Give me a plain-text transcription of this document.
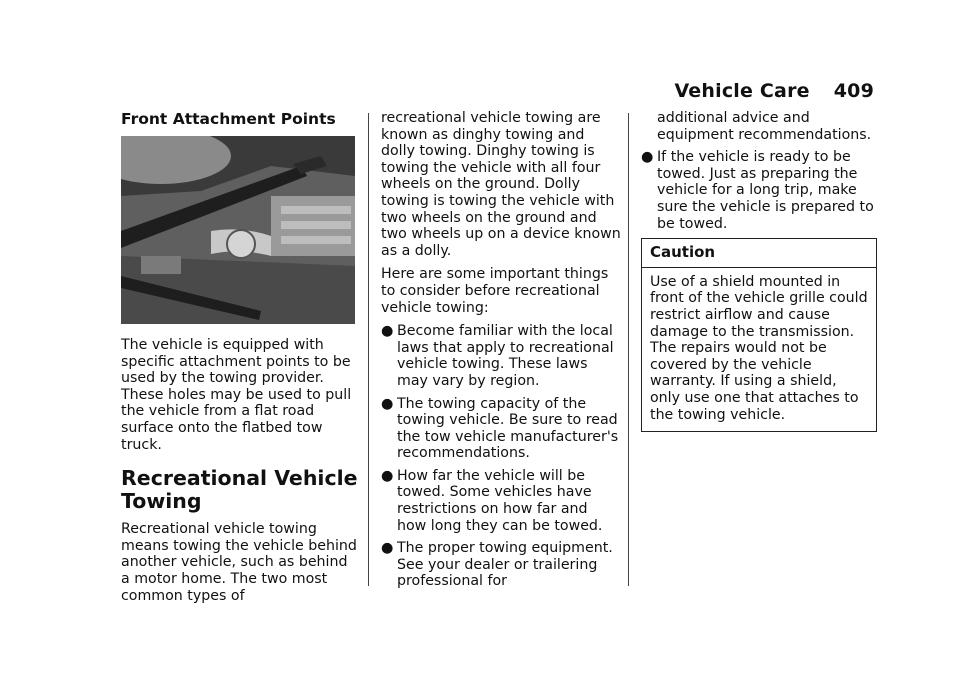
Vehicle Care 409
Front Attachment Points

The vehicle is equipped with specific attachment points to be used by the towing provider. These holes may be used to pull the vehicle from a flat road surface onto the flatbed tow truck.

Recreational Vehicle Towing

Recreational vehicle towing means towing the vehicle behind another vehicle, such as behind a motor home. The two most common types of

recreational vehicle towing are known as dinghy towing and dolly towing. Dinghy towing is towing the vehicle with all four wheels on the ground. Dolly towing is towing the vehicle with two wheels on the ground and two wheels up on a device known as a dolly.

Here are some important things to consider before recreational vehicle towing:

● Become familiar with the local laws that apply to recreational vehicle towing. These laws may vary by region.
● The towing capacity of the towing vehicle. Be sure to read the tow vehicle manufacturer's recommendations.
● How far the vehicle will be towed. Some vehicles have restrictions on how far and how long they can be towed.
● The proper towing equipment. See your dealer or trailering professional for
additional advice and equipment recommendations.
● If the vehicle is ready to be towed. Just as preparing the vehicle for a long trip, make sure the vehicle is prepared to be towed.
Caution
Use of a shield mounted in front of the vehicle grille could restrict airflow and cause damage to the transmission. The repairs would not be covered by the vehicle warranty. If using a shield, only use one that attaches to the towing vehicle.
